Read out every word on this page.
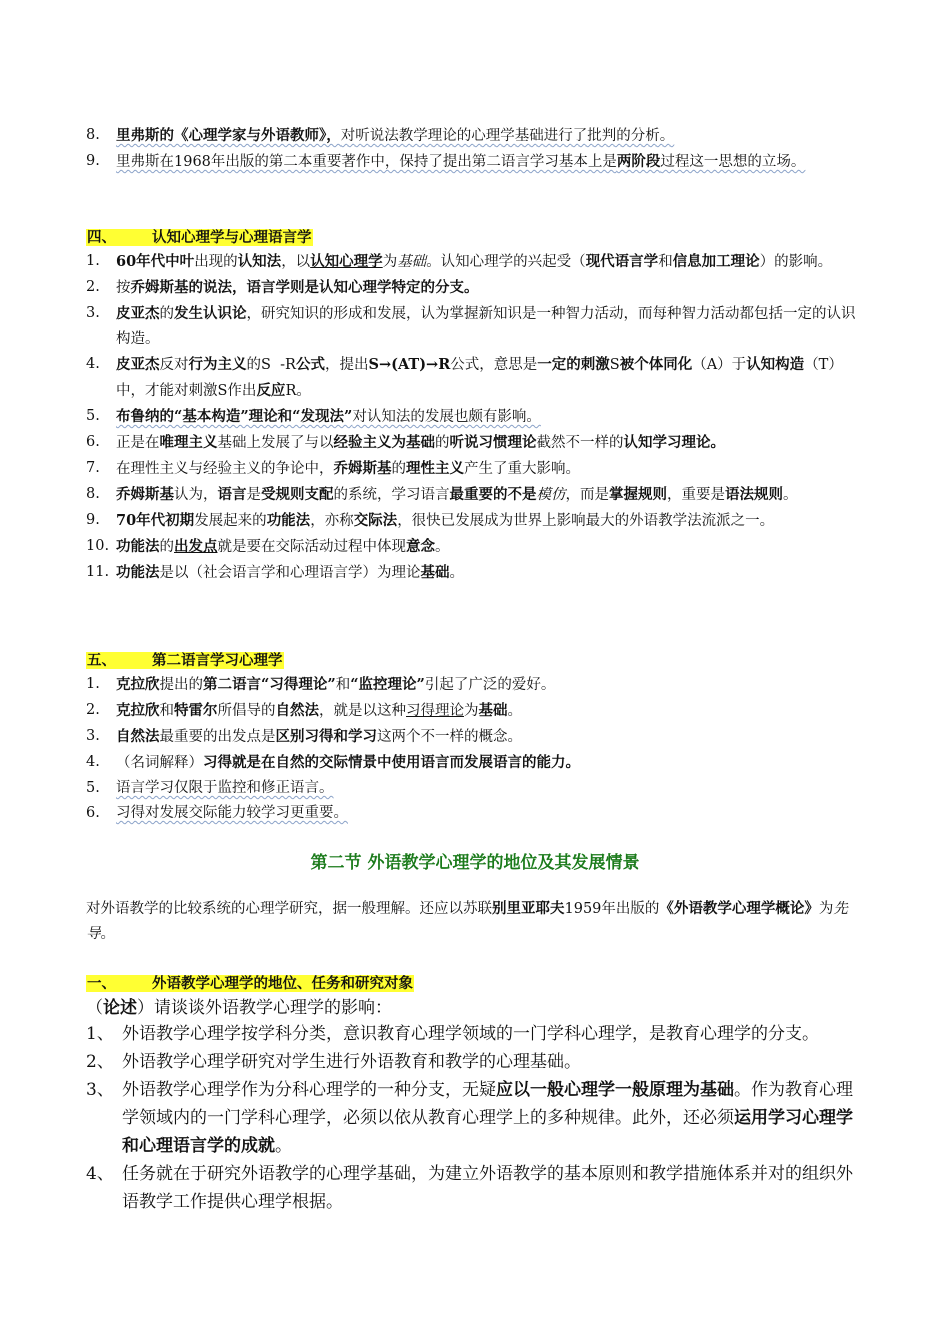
8. 里弗斯的《心理学家与外语教师》，对听说法教学理论的心理学基础进行了批判的分析。
9. 里弗斯在1968年出版的第二本重要著作中，保持了提出第二语言学习基本上是两阶段过程这一思想的立场。
四、 认知心理学与心理语言学
1. 60年代中叶出现的认知法，以认知心理学为基础。认知心理学的兴起受（现代语言学和信息加工理论）的影响。
2. 按乔姆斯基的说法，语言学则是认知心理学特定的分支。
3. 皮亚杰的发生认识论，研究知识的形成和发展，认为掌握新知识是一种智力活动，而每种智力活动都包括一定的认识构造。
4. 皮亚杰反对行为主义的S  -R公式，提出S→(AT)→R公式，意思是一定的刺激S被个体同化（A）于认知构造（T）中，才能对刺激S作出反应R。
5. 布鲁纳的“基本构造”理论和“发现法”对认知法的发展也颇有影响。
6. 正是在唯理主义基础上发展了与以经验主义为基础的听说习惯理论截然不一样的认知学习理论。
7. 在理性主义与经验主义的争论中，乔姆斯基的理性主义产生了重大影响。
8. 乔姆斯基认为，语言是受规则支配的系统，学习语言最重要的不是模仿，而是掌握规则，重要是语法规则。
9. 70年代初期发展起来的功能法，亦称交际法，很快已发展成为世界上影响最大的外语教学法流派之一。
10. 功能法的出发点就是要在交际活动过程中体现意念。
11. 功能法是以（社会语言学和心理语言学）为理论基础。
五、 第二语言学习心理学
1. 克拉欣提出的第二语言“习得理论”和“监控理论”引起了广泛的爱好。
2. 克拉欣和特雷尔所倡导的自然法，就是以这种习得理论为基础。
3. 自然法最重要的出发点是区别习得和学习这两个不一样的概念。
4. （名词解释）习得就是在自然的交际情景中使用语言而发展语言的能力。
5. 语言学习仅限于监控和修正语言。
6. 习得对发展交际能力较学习更重要。
第二节 外语教学心理学的地位及其发展情景
对外语教学的比较系统的心理学研究，据一般理解。还应以苏联别里亚耶夫1959年出版的《外语教学心理学概论》为先导。
一、 外语教学心理学的地位、任务和研究对象
（论述）请谈谈外语教学心理学的影响：
1、 外语教学心理学按学科分类，意识教育心理学领域的一门学科心理学，是教育心理学的分支。
2、 外语教学心理学研究对学生进行外语教育和教学的心理基础。
3、 外语教学心理学作为分科心理学的一种分支，无疑应以一般心理学一般原理为基础。作为教育心理学领域内的一门学科心理学，必须以依从教育心理学上的多种规律。此外，还必须运用学习心理学和心理语言学的成就。
4、 任务就在于研究外语教学的心理学基础，为建立外语教学的基本原则和教学措施体系并对的组织外语教学工作提供心理学根据。
